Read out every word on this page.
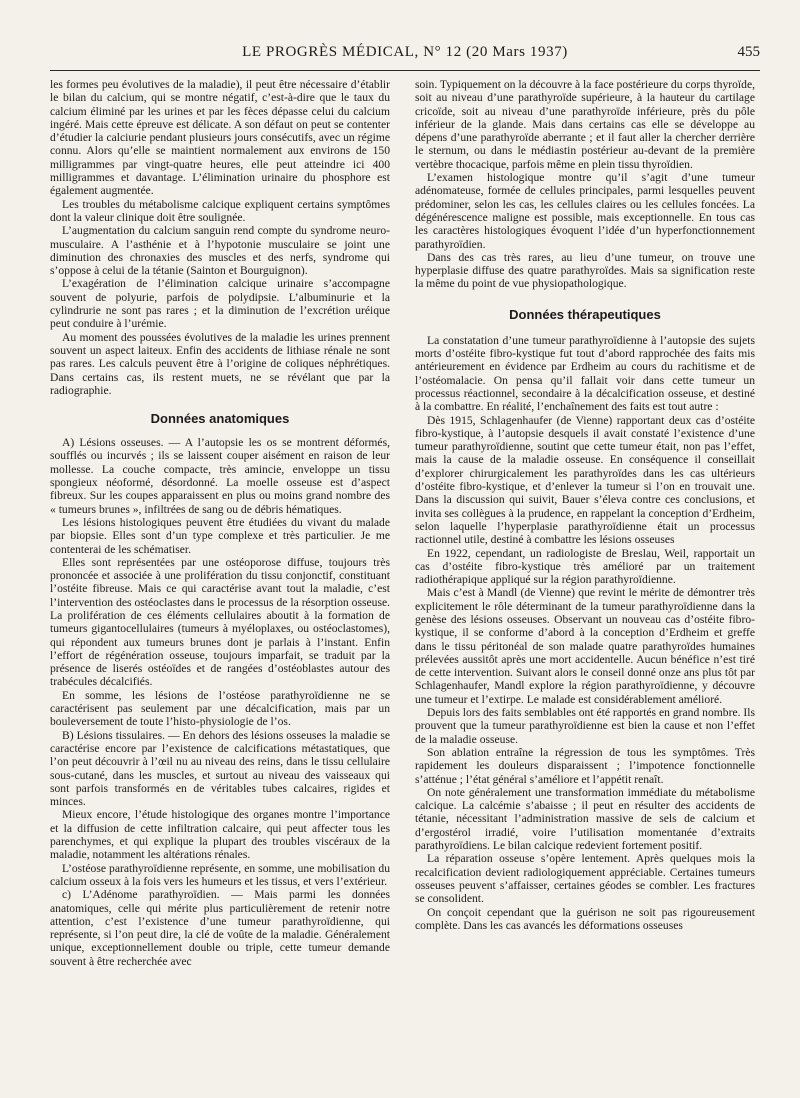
LE PROGRÈS MÉDICAL, N° 12 (20 Mars 1937)	455

les formes peu évolutives de la maladie), il peut être nécessaire d’établir le bilan du calcium, qui se montre négatif, c’est-à-dire que le taux du calcium éliminé par les urines et par les fèces dépasse celui du calcium ingéré. Mais cette épreuve est délicate. A son défaut on peut se contenter d’étudier la calciurie pendant plusieurs jours consécutifs, avec un régime connu. Alors qu’elle se maintient normalement aux environs de 150 milligrammes par vingt-quatre heures, elle peut atteindre ici 400 milligrammes et davantage. L’élimination urinaire du phosphore est également augmentée.

Les troubles du métabolisme calcique expliquent certains symptômes dont la valeur clinique doit être soulignée.

L’augmentation du calcium sanguin rend compte du syndrome neuro-musculaire. A l’asthénie et à l’hypotonie musculaire se joint une diminution des chronaxies des muscles et des nerfs, syndrome qui s’oppose à celui de la tétanie (Sainton et Bourguignon).

L’exagération de l’élimination calcique urinaire s’accompagne souvent de polyurie, parfois de polydipsie. L’albuminurie et la cylindrurie ne sont pas rares ; et la diminution de l’excrétion uréique peut conduire à l’urémie.

Au moment des poussées évolutives de la maladie les urines prennent souvent un aspect laiteux. Enfin des accidents de lithiase rénale ne sont pas rares. Les calculs peuvent être à l’origine de coliques néphrétiques. Dans certains cas, ils restent muets, ne se révélant que par la radiographie.

Données anatomiques

A) Lésions osseuses. — A l’autopsie les os se montrent déformés, soufflés ou incurvés ; ils se laissent couper aisément en raison de leur mollesse. La couche compacte, très amincie, enveloppe un tissu spongieux néoformé, désordonné. La moelle osseuse est d’aspect fibreux. Sur les coupes apparaissent en plus ou moins grand nombre des « tumeurs brunes », infiltrées de sang ou de débris hématiques.

Les lésions histologiques peuvent être étudiées du vivant du malade par biopsie. Elles sont d’un type complexe et très particulier. Je me contenterai de les schématiser.

Elles sont représentées par une ostéoporose diffuse, toujours très prononcée et associée à une prolifération du tissu conjonctif, constituant l’ostéite fibreuse. Mais ce qui caractérise avant tout la maladie, c’est l’intervention des ostéoclastes dans le processus de la résorption osseuse. La prolifération de ces éléments cellulaires aboutit à la formation de tumeurs gigantocellulaires (tumeurs à myéloplaxes, ou ostéoclastomes), qui répondent aux tumeurs brunes dont je parlais à l’instant. Enfin l’effort de régénération osseuse, toujours imparfait, se traduit par la présence de liserés ostéoïdes et de rangées d’ostéoblastes autour des trabécules décalcifiés.

En somme, les lésions de l’ostéose parathyroïdienne ne se caractérisent pas seulement par une décalcification, mais par un bouleversement de toute l’histo-physiologie de l’os.

B) Lésions tissulaires. — En dehors des lésions osseuses la maladie se caractérise encore par l’existence de calcifications métastatiques, que l’on peut découvrir à l’œil nu au niveau des reins, dans le tissu cellulaire sous-cutané, dans les muscles, et surtout au niveau des vaisseaux qui sont parfois transformés en de véritables tubes calcaires, rigides et minces.

Mieux encore, l’étude histologique des organes montre l’importance et la diffusion de cette infiltration calcaire, qui peut affecter tous les parenchymes, et qui explique la plupart des troubles viscéraux de la maladie, notamment les altérations rénales.

L’ostéose parathyroïdienne représente, en somme, une mobilisation du calcium osseux à la fois vers les humeurs et les tissus, et vers l’extérieur.

c) L’Adénome parathyroïdien. — Mais parmi les données anatomiques, celle qui mérite plus particulièrement de retenir notre attention, c’est l’existence d’une tumeur parathyroïdienne, qui représente, si l’on peut dire, la clé de voûte de la maladie. Généralement unique, exceptionnellement double ou triple, cette tumeur demande souvent à être recherchée avec

soin. Typiquement on la découvre à la face postérieure du corps thyroïde, soit au niveau d’une parathyroïde supérieure, à la hauteur du cartilage cricoïde, soit au niveau d’une parathyroïde inférieure, près du pôle inférieur de la glande. Mais dans certains cas elle se développe au dépens d’une parathyroïde aberrante ; et il faut aller la chercher derrière le sternum, ou dans le médiastin postérieur au-devant de la première vertèbre thocacique, parfois même en plein tissu thyroïdien.

L’examen histologique montre qu’il s’agit d’une tumeur adénomateuse, formée de cellules principales, parmi lesquelles peuvent prédominer, selon les cas, les cellules claires ou les cellules foncées. La dégénérescence maligne est possible, mais exceptionnelle. En tous cas les caractères histologiques évoquent l’idée d’un hyperfonctionnement parathyroïdien.

Dans des cas très rares, au lieu d’une tumeur, on trouve une hyperplasie diffuse des quatre parathyroïdes. Mais sa signification reste la même du point de vue physiopathologique.

Données thérapeutiques

La constatation d’une tumeur parathyroïdienne à l’autopsie des sujets morts d’ostéite fibro-kystique fut tout d’abord rapprochée des faits mis antérieurement en évidence par Erdheim au cours du rachitisme et de l’ostéomalacie. On pensa qu’il fallait voir dans cette tumeur un processus réactionnel, secondaire à la décalcification osseuse, et destiné à la combattre. En réalité, l’enchaînement des faits est tout autre :

Dès 1915, Schlagenhaufer (de Vienne) rapportant deux cas d’ostéite fibro-kystique, à l’autopsie desquels il avait constaté l’existence d’une tumeur parathyroïdienne, soutint que cette tumeur était, non pas l’effet, mais la cause de la maladie osseuse. En conséquence il conseillait d’explorer chirurgicalement les parathyroïdes dans les cas ultérieurs d’ostéite fibro-kystique, et d’enlever la tumeur si l’on en trouvait une. Dans la discussion qui suivit, Bauer s’éleva contre ces conclusions, et invita ses collègues à la prudence, en rappelant la conception d’Erdheim, selon laquelle l’hyperplasie parathyroïdienne était un processus ractionnel utile, destiné à combattre les lésions osseuses

En 1922, cependant, un radiologiste de Breslau, Weil, rapportait un cas d’ostéite fibro-kystique très amélioré par un traitement radiothérapique appliqué sur la région parathyroïdienne.

Mais c’est à Mandl (de Vienne) que revint le mérite de démontrer très explicitement le rôle déterminant de la tumeur parathyroïdienne dans la genèse des lésions osseuses. Observant un nouveau cas d’ostéite fibro-kystique, il se conforme d’abord à la conception d’Erdheim et greffe dans le tissu péritonéal de son malade quatre parathyroïdes humaines prélevées aussitôt après une mort accidentelle. Aucun bénéfice n’est tiré de cette intervention. Suivant alors le conseil donné onze ans plus tôt par Schlagenhaufer, Mandl explore la région parathyroïdienne, y découvre une tumeur et l’extirpe. Le malade est considérablement amélioré.

Depuis lors des faits semblables ont été rapportés en grand nombre. Ils prouvent que la tumeur parathyroïdienne est bien la cause et non l’effet de la maladie osseuse.

Son ablation entraîne la régression de tous les symptômes. Très rapidement les douleurs disparaissent ; l’impotence fonctionnelle s’atténue ; l’état général s’améliore et l’appétit renaît.

On note généralement une transformation immédiate du métabolisme calcique. La calcémie s’abaisse ; il peut en résulter des accidents de tétanie, nécessitant l’administration massive de sels de calcium et d’ergostérol irradié, voire l’utilisation momentanée d’extraits parathyroïdiens. Le bilan calcique redevient fortement positif.

La réparation osseuse s’opère lentement. Après quelques mois la recalcification devient radiologiquement appréciable. Certaines tumeurs osseuses peuvent s’affaisser, certaines géodes se combler. Les fractures se consolident.

On conçoit cependant que la guérison ne soit pas rigoureusement complète. Dans les cas avancés les déformations osseuses
